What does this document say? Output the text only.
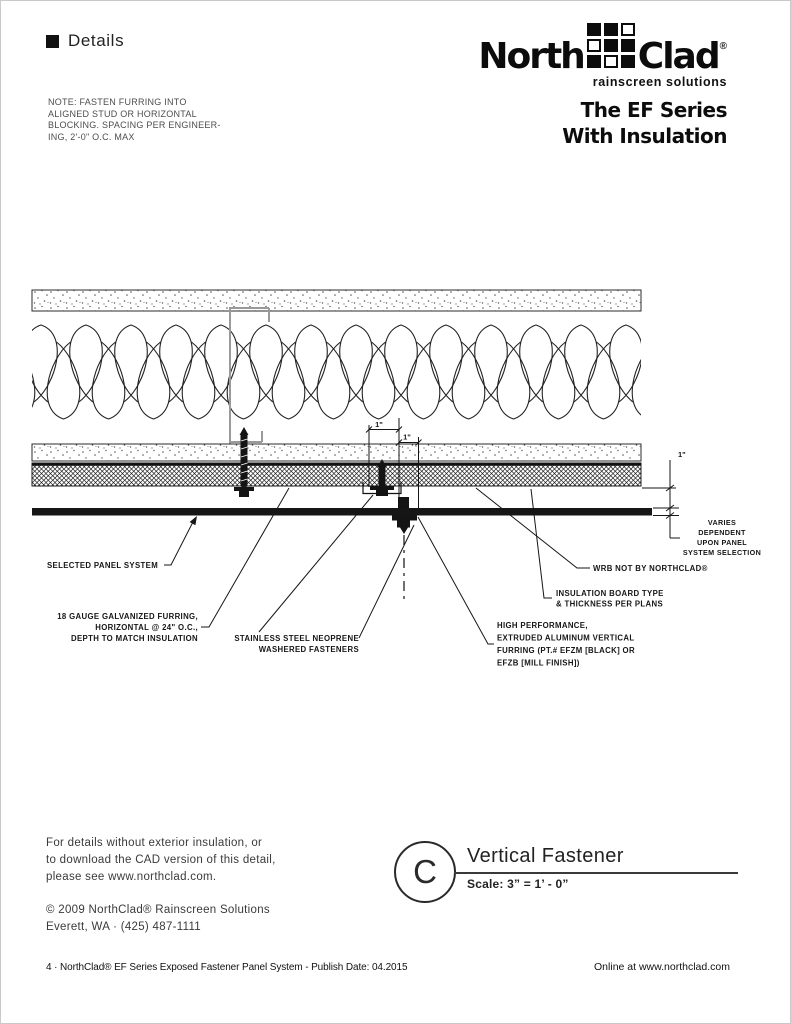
Details	North Clad ®
rainscreen solutions
The EF Series
With Insulation
NOTE: FASTEN FURRING INTO
ALIGNED STUD OR HORIZONTAL
BLOCKING. SPACING PER ENGINEER-
ING, 2'-0" O.C. MAX
1"
1"
1"
SELECTED PANEL SYSTEM
18 GAUGE GALVANIZED FURRING,
HORIZONTAL @ 24" O.C.,
DEPTH TO MATCH INSULATION	STAINLESS STEEL NEOPRENE
WASHERED FASTENERS
WRB NOT BY NORTHCLAD®
INSULATION BOARD TYPE
& THICKNESS PER PLANS
HIGH PERFORMANCE,
EXTRUDED ALUMINUM VERTICAL
FURRING (PT.# EFZM [BLACK] OR
EFZB [MILL FINISH])
VARIES
DEPENDENT
UPON PANEL
SYSTEM SELECTION
For details without exterior insulation, or
to download the CAD version of this detail,
please see www.northclad.com.
© 2009 NorthClad® Rainscreen Solutions
Everett, WA · (425) 487-1111
C Vertical Fastener
Scale: 3” = 1’ - 0”
4 · NorthClad® EF Series Exposed Fastener Panel System - Publish Date: 04.2015	Online at www.northclad.com
